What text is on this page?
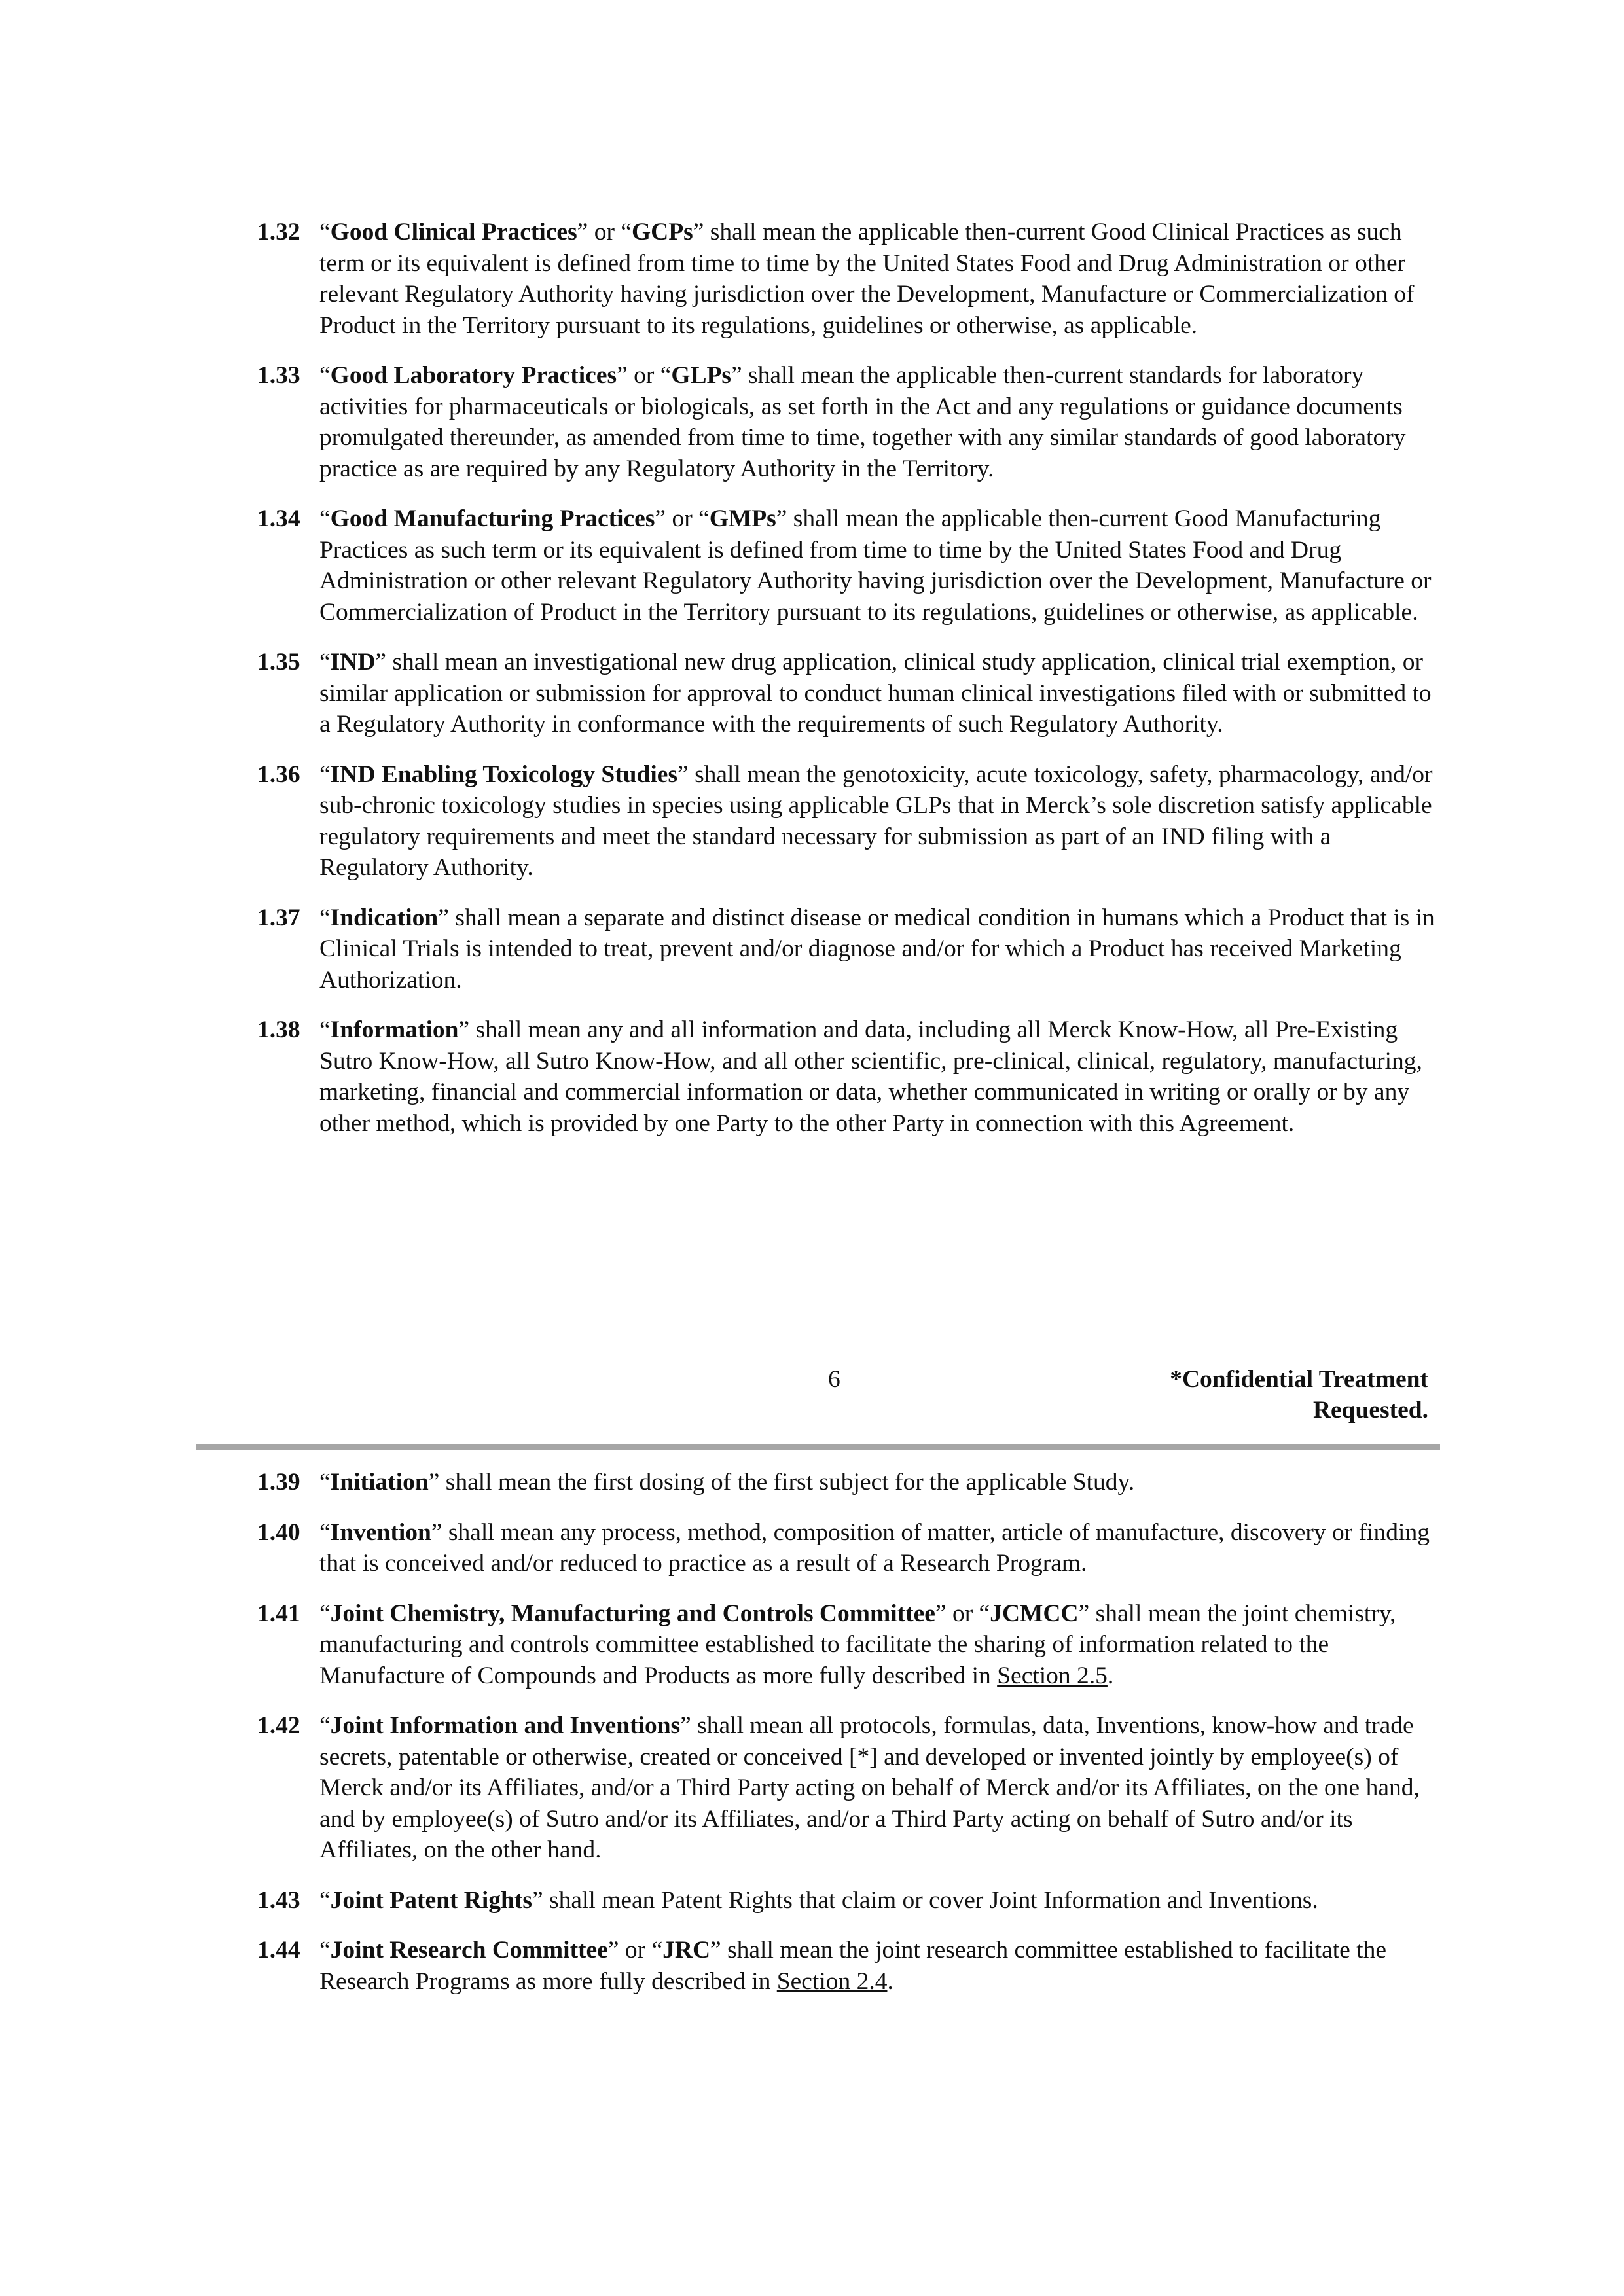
1.32 “Good Clinical Practices” or “GCPs” shall mean the applicable then-current Good Clinical Practices as such term or its equivalent is defined from time to time by the United States Food and Drug Administration or other relevant Regulatory Authority having jurisdiction over the Development, Manufacture or Commercialization of Product in the Territory pursuant to its regulations, guidelines or otherwise, as applicable.
1.33 “Good Laboratory Practices” or “GLPs” shall mean the applicable then-current standards for laboratory activities for pharmaceuticals or biologicals, as set forth in the Act and any regulations or guidance documents promulgated thereunder, as amended from time to time, together with any similar standards of good laboratory practice as are required by any Regulatory Authority in the Territory.
1.34 “Good Manufacturing Practices” or “GMPs” shall mean the applicable then-current Good Manufacturing Practices as such term or its equivalent is defined from time to time by the United States Food and Drug Administration or other relevant Regulatory Authority having jurisdiction over the Development, Manufacture or Commercialization of Product in the Territory pursuant to its regulations, guidelines or otherwise, as applicable.
1.35 “IND” shall mean an investigational new drug application, clinical study application, clinical trial exemption, or similar application or submission for approval to conduct human clinical investigations filed with or submitted to a Regulatory Authority in conformance with the requirements of such Regulatory Authority.
1.36 “IND Enabling Toxicology Studies” shall mean the genotoxicity, acute toxicology, safety, pharmacology, and/or sub-chronic toxicology studies in species using applicable GLPs that in Merck’s sole discretion satisfy applicable regulatory requirements and meet the standard necessary for submission as part of an IND filing with a Regulatory Authority.
1.37 “Indication” shall mean a separate and distinct disease or medical condition in humans which a Product that is in Clinical Trials is intended to treat, prevent and/or diagnose and/or for which a Product has received Marketing Authorization.
1.38 “Information” shall mean any and all information and data, including all Merck Know-How, all Pre-Existing Sutro Know-How, all Sutro Know-How, and all other scientific, pre-clinical, clinical, regulatory, manufacturing, marketing, financial and commercial information or data, whether communicated in writing or orally or by any other method, which is provided by one Party to the other Party in connection with this Agreement.
6	*Confidential Treatment
Requested.
1.39 “Initiation” shall mean the first dosing of the first subject for the applicable Study.
1.40 “Invention” shall mean any process, method, composition of matter, article of manufacture, discovery or finding that is conceived and/or reduced to practice as a result of a Research Program.
1.41 “Joint Chemistry, Manufacturing and Controls Committee” or “JCMCC” shall mean the joint chemistry, manufacturing and controls committee established to facilitate the sharing of information related to the Manufacture of Compounds and Products as more fully described in Section 2.5.
1.42 “Joint Information and Inventions” shall mean all protocols, formulas, data, Inventions, know-how and trade secrets, patentable or otherwise, created or conceived [*] and developed or invented jointly by employee(s) of Merck and/or its Affiliates, and/or a Third Party acting on behalf of Merck and/or its Affiliates, on the one hand, and by employee(s) of Sutro and/or its Affiliates, and/or a Third Party acting on behalf of Sutro and/or its Affiliates, on the other hand.
1.43 “Joint Patent Rights” shall mean Patent Rights that claim or cover Joint Information and Inventions.
1.44 “Joint Research Committee” or “JRC” shall mean the joint research committee established to facilitate the Research Programs as more fully described in Section 2.4.
